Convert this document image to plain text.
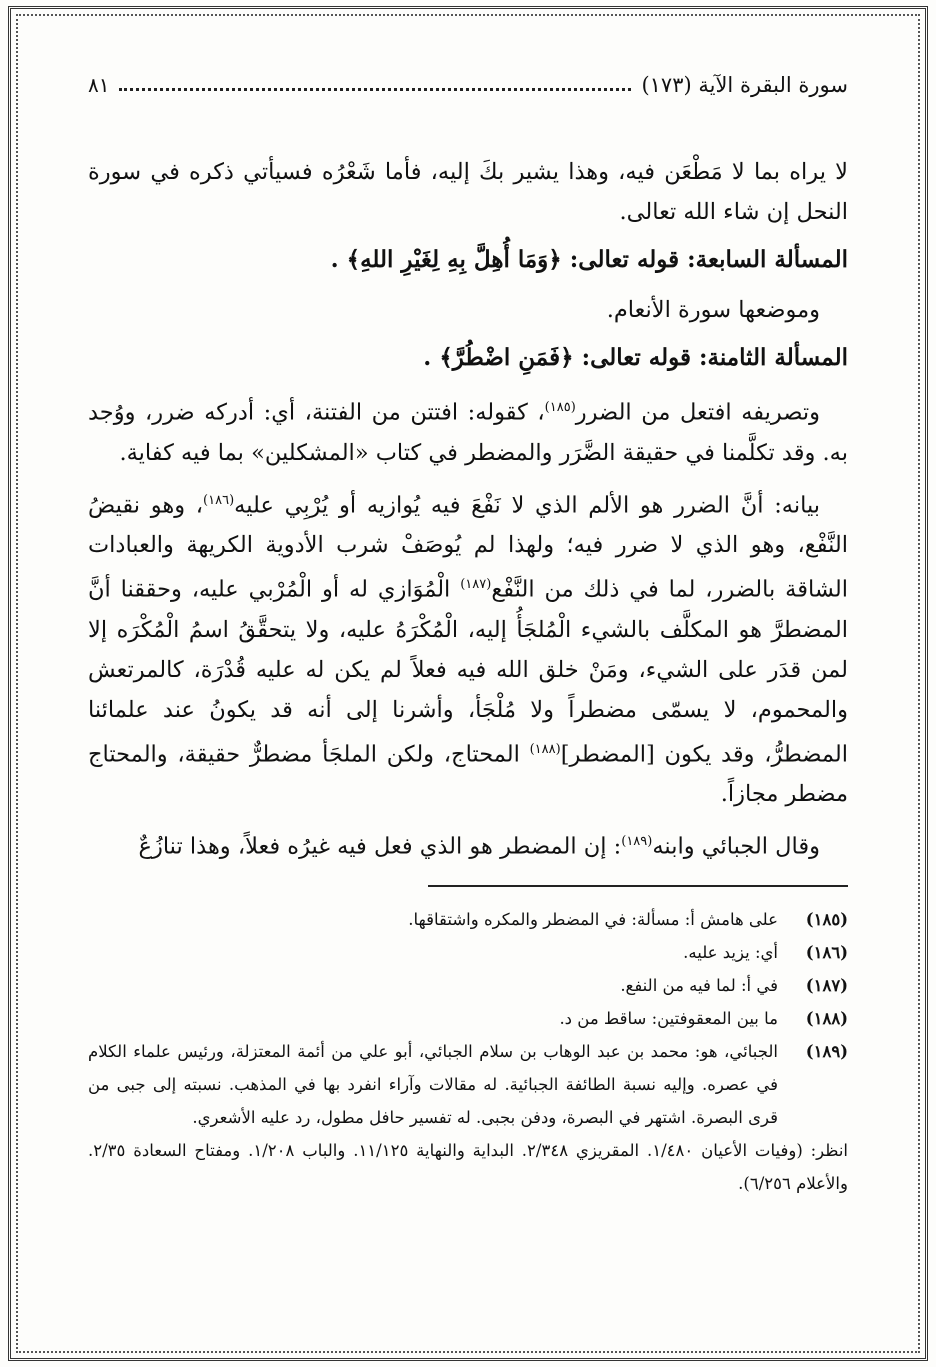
سورة البقرة الآية (١٧٣)
٨١

لا يراه بما لا مَطْعَن فيه، وهذا يشير بكَ إليه، فأما شَعْرُه فسيأتي ذكره في سورة النحل إن شاء الله تعالى.

المسألة السابعة: قوله تعالى: ﴿وَمَا أُهِلَّ بِهِ لِغَيْرِ اللهِ﴾ .

وموضعها سورة الأنعام.

المسألة الثامنة: قوله تعالى: ﴿فَمَنِ اضْطُرَّ﴾ .

وتصريفه افتعل من الضرر$^{(١٨٥)}$، كقوله: افتتن من الفتنة، أي: أدركه ضرر، ووُجد به. وقد تكلَّمنا في حقيقة الضَّرَر والمضطر في كتاب «المشكلين» بما فيه كفاية.

بيانه: أنَّ الضرر هو الألم الذي لا نَفْعَ فيه يُوازيه أو يُرْبِي عليه$^{(١٨٦)}$، وهو نقيضُ النَّفْع، وهو الذي لا ضرر فيه؛ ولهذا لم يُوصَفْ شرب الأدوية الكريهة والعبادات الشاقة بالضرر، لما في ذلك من النَّفْع$^{(١٨٧)}$ الْمُوَازي له أو الْمُرْبي عليه، وحققنا أنَّ المضطرَّ هو المكلَّف بالشيء الْمُلجَأُ إليه، الْمُكْرَهُ عليه، ولا يتحقَّقُ اسمُ الْمُكْرَه إلا لمن قدَر على الشيء، ومَنْ خلق الله فيه فعلاً لم يكن له عليه قُدْرَة، كالمرتعش والمحموم، لا يسمّى مضطراً ولا مُلْجَأ، وأشرنا إلى أنه قد يكونُ عند علمائنا المضطرُّ، وقد يكون [المضطر]$^{(١٨٨)}$ المحتاج، ولكن الملجَأ مضطرٌّ حقيقة، والمحتاج مضطر مجازاً.

وقال الجبائي وابنه$^{(١٨٩)}$: إن المضطر هو الذي فعل فيه غيرُه فعلاً، وهذا تنازُعٌ

(١٨٥)
على هامش أ: مسألة: في المضطر والمكره واشتقاقها.
(١٨٦)
أي: يزيد عليه.
(١٨٧)
في أ: لما فيه من النفع.
(١٨٨)
ما بين المعقوفتين: ساقط من د.
(١٨٩)
الجبائي، هو: محمد بن عبد الوهاب بن سلام الجبائي، أبو علي من أئمة المعتزلة، ورئيس علماء الكلام في عصره. وإليه نسبة الطائفة الجبائية. له مقالات وآراء انفرد بها في المذهب. نسبته إلى جبى من قرى البصرة. اشتهر في البصرة، ودفن بجبى. له تفسير حافل مطول، رد عليه الأشعري.
انظر: (وفيات الأعيان ١/٤٨٠. المقريزي ٢/٣٤٨. البداية والنهاية ١١/١٢٥. والباب ١/٢٠٨. ومفتاح السعادة ٢/٣٥. والأعلام ٦/٢٥٦).
